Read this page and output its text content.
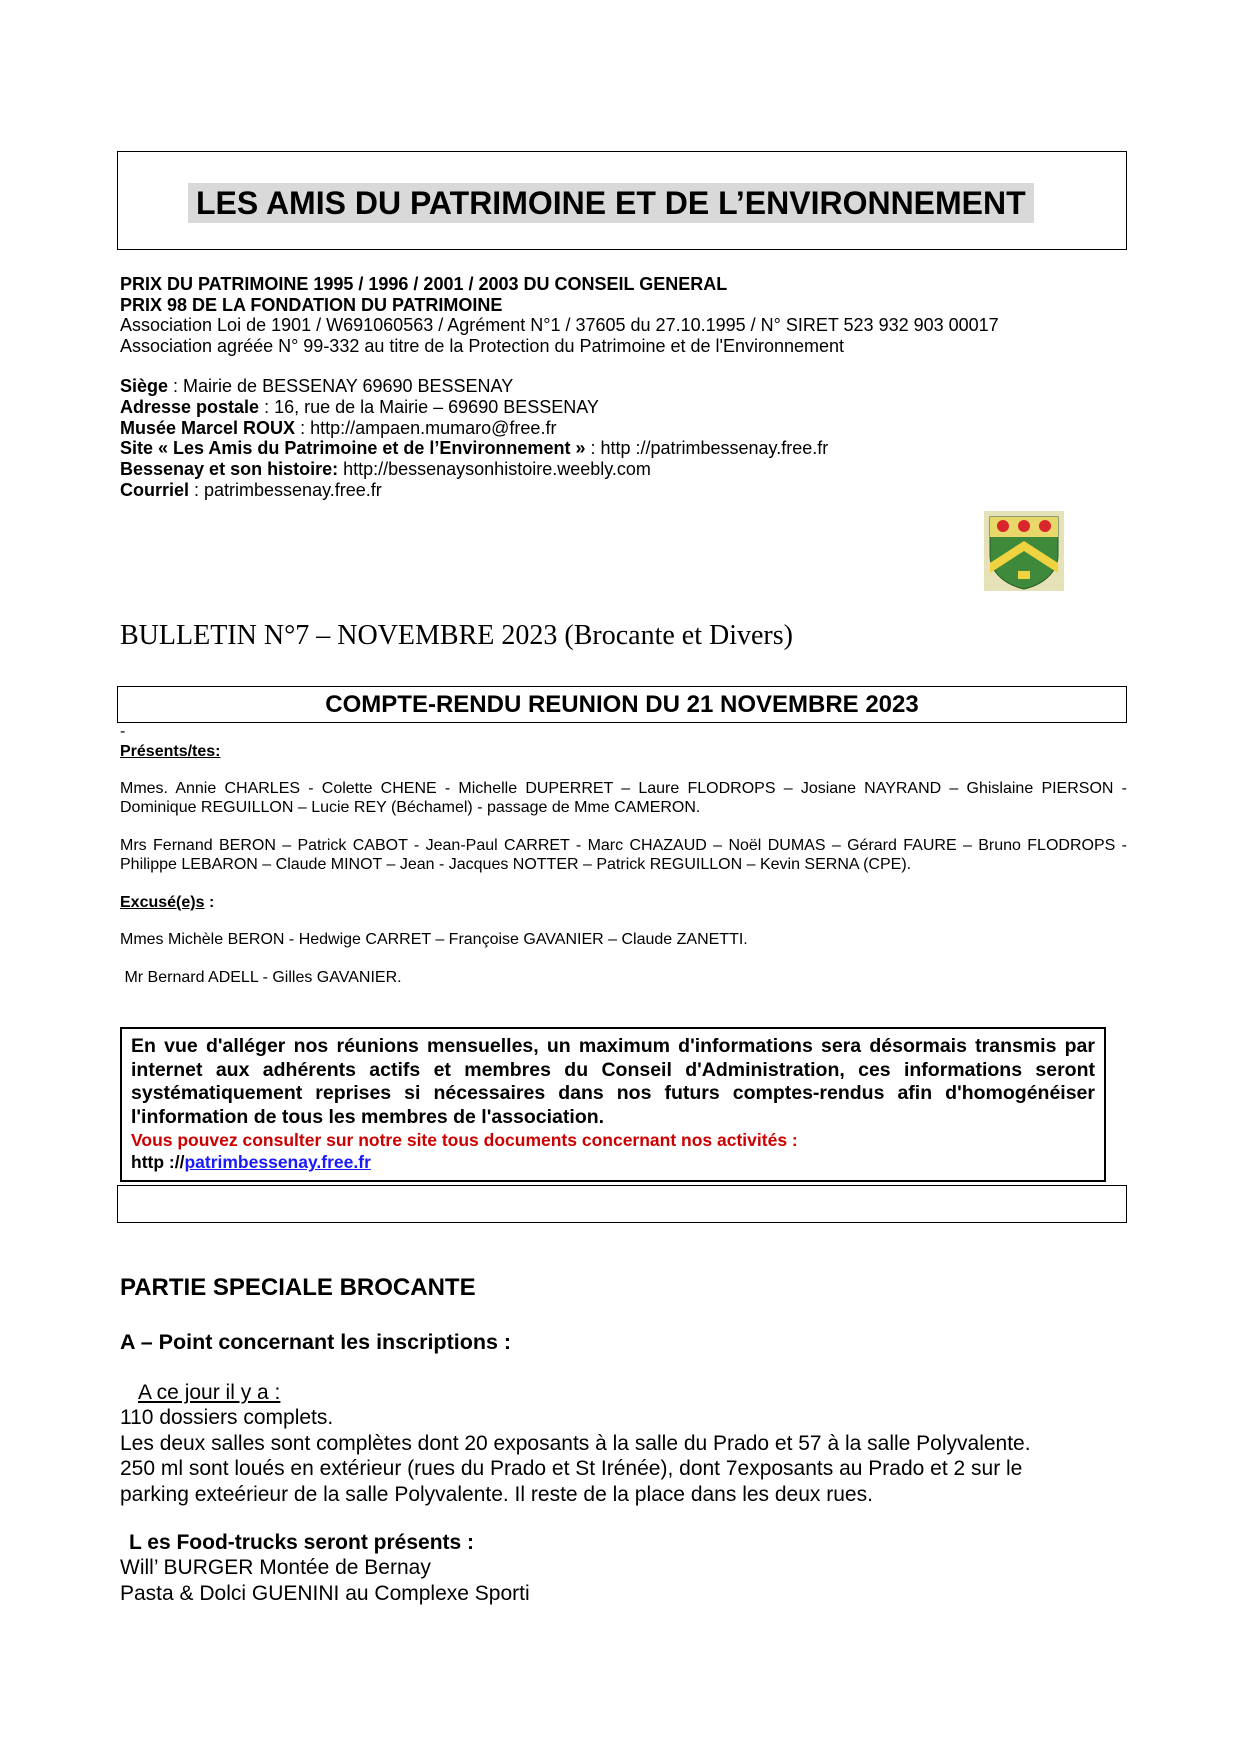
LES AMIS DU PATRIMOINE ET DE L’ENVIRONNEMENT
PRIX DU PATRIMOINE 1995 / 1996 / 2001 / 2003 DU CONSEIL GENERAL
PRIX 98 DE LA FONDATION DU PATRIMOINE
Association Loi de 1901 / W691060563 / Agrément N°1 / 37605 du 27.10.1995 / N° SIRET 523 932 903 00017
Association agréée N° 99-332 au titre de la Protection du Patrimoine et de l'Environnement
Siège : Mairie de BESSENAY 69690 BESSENAY
Adresse postale : 16, rue de la Mairie – 69690 BESSENAY
Musée Marcel ROUX : http://ampaen.mumaro@free.fr
Site « Les Amis du Patrimoine et de l’Environnement » : http ://patrimbessenay.free.fr
Bessenay et son histoire: http://bessenaysonhistoire.weebly.com
Courriel : patrimbessenay.free.fr
BULLETIN N°7 – NOVEMBRE 2023 (Brocante et Divers)
COMPTE-RENDU REUNION DU 21 NOVEMBRE 2023
-
Présents/tes:
Mmes. Annie CHARLES - Colette CHENE - Michelle DUPERRET – Laure FLODROPS – Josiane NAYRAND – Ghislaine PIERSON - Dominique REGUILLON – Lucie REY (Béchamel) - passage de Mme CAMERON.
Mrs Fernand BERON – Patrick CABOT - Jean-Paul CARRET - Marc CHAZAUD – Noël DUMAS – Gérard FAURE – Bruno FLODROPS - Philippe LEBARON – Claude MINOT – Jean - Jacques NOTTER – Patrick REGUILLON – Kevin SERNA (CPE).
Excusé(e)s :
Mmes Michèle BERON - Hedwige CARRET – Françoise GAVANIER – Claude ZANETTI.
Mr Bernard ADELL - Gilles GAVANIER.
En vue d'alléger nos réunions mensuelles, un maximum d'informations sera désormais transmis par internet aux adhérents actifs et membres du Conseil d'Administration, ces informations seront systématiquement reprises si nécessaires dans nos futurs comptes-rendus afin d'homogénéiser l'information de tous les membres de l'association.
Vous pouvez consulter sur notre site tous documents concernant nos activités :
http ://patrimbessenay.free.fr
PARTIE SPECIALE BROCANTE
A – Point concernant les inscriptions :
A ce jour il y a :
110 dossiers complets.
Les deux salles sont complètes dont 20 exposants à la salle du Prado et 57 à la salle Polyvalente.
250 ml sont loués en extérieur (rues du Prado et St Irénée), dont 7exposants au Prado et 2 sur le
parking exteérieur de la salle Polyvalente. Il reste de la place dans les deux rues.
L es Food-trucks seront présents :
Will’ BURGER Montée de Bernay
Pasta & Dolci GUENINI au Complexe Sporti
